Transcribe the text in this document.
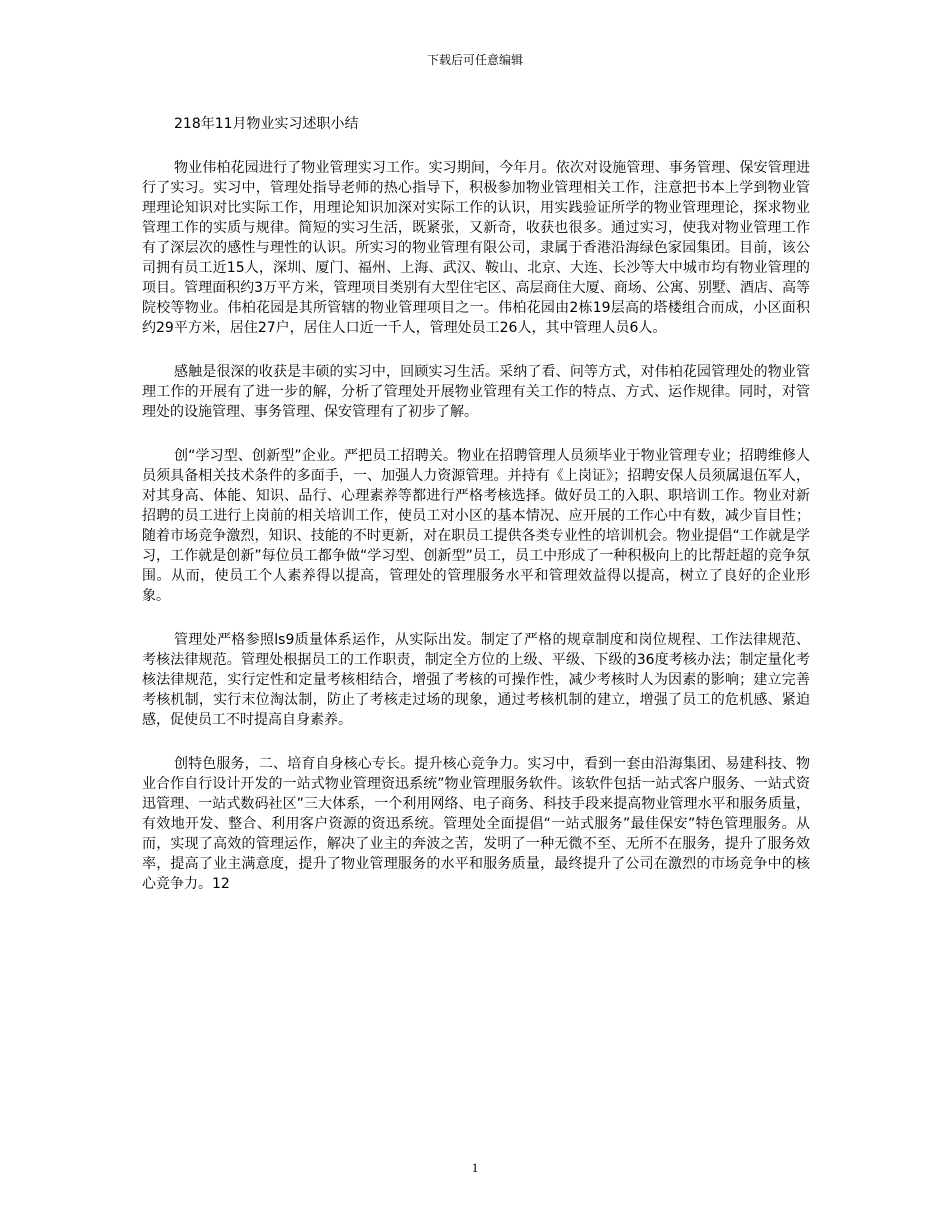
下载后可任意编辑

218年11月物业实习述职小结

物业伟柏花园进行了物业管理实习工作。实习期间，今年月。依次对设施管理、事务管理、保安管理进行了实习。实习中，管理处指导老师的热心指导下，积极参加物业管理相关工作，注意把书本上学到物业管理理论知识对比实际工作，用理论知识加深对实际工作的认识，用实践验证所学的物业管理理论，探求物业管理工作的实质与规律。简短的实习生活，既紧张，又新奇，收获也很多。通过实习，使我对物业管理工作有了深层次的感性与理性的认识。所实习的物业管理有限公司，隶属于香港沿海绿色家园集团。目前，该公司拥有员工近15人，深圳、厦门、福州、上海、武汉、鞍山、北京、大连、长沙等大中城市均有物业管理的项目。管理面积约3万平方米，管理项目类别有大型住宅区、高层商住大厦、商场、公寓、别墅、酒店、高等院校等物业。伟柏花园是其所管辖的物业管理项目之一。伟柏花园由2栋19层高的塔楼组合而成，小区面积约29平方米，居住27户，居住人口近一千人，管理处员工26人，其中管理人员6人。

感触是很深的收获是丰硕的实习中，回顾实习生活。采纳了看、问等方式，对伟柏花园管理处的物业管理工作的开展有了进一步的解，分析了管理处开展物业管理有关工作的特点、方式、运作规律。同时，对管理处的设施管理、事务管理、保安管理有了初步了解。

创“学习型、创新型”企业。严把员工招聘关。物业在招聘管理人员须毕业于物业管理专业；招聘维修人员须具备相关技术条件的多面手，一、加强人力资源管理。并持有《上岗证》；招聘安保人员须属退伍军人，对其身高、体能、知识、品行、心理素养等都进行严格考核选择。做好员工的入职、职培训工作。物业对新招聘的员工进行上岗前的相关培训工作，使员工对小区的基本情况、应开展的工作心中有数，减少盲目性；随着市场竞争激烈，知识、技能的不时更新，对在职员工提供各类专业性的培训机会。物业提倡“工作就是学习，工作就是创新”每位员工都争做“学习型、创新型”员工，员工中形成了一种积极向上的比帮赶超的竞争氛围。从而，使员工个人素养得以提高，管理处的管理服务水平和管理效益得以提高，树立了良好的企业形象。

管理处严格参照ls9质量体系运作，从实际出发。制定了严格的规章制度和岗位规程、工作法律规范、考核法律规范。管理处根据员工的工作职责，制定全方位的上级、平级、下级的36度考核办法；制定量化考核法律规范，实行定性和定量考核相结合，增强了考核的可操作性，减少考核时人为因素的影响；建立完善考核机制，实行末位淘汰制，防止了考核走过场的现象，通过考核机制的建立，增强了员工的危机感、紧迫感，促使员工不时提高自身素养。

创特色服务，二、培育自身核心专长。提升核心竞争力。实习中，看到一套由沿海集团、易建科技、物业合作自行设计开发的一站式物业管理资迅系统”物业管理服务软件。该软件包括一站式客户服务、一站式资迅管理、一站式数码社区”三大体系，一个利用网络、电子商务、科技手段来提高物业管理水平和服务质量，有效地开发、整合、利用客户资源的资迅系统。管理处全面提倡“一站式服务”最佳保安”特色管理服务。从而，实现了高效的管理运作，解决了业主的奔波之苦，发明了一种无微不至、无所不在服务，提升了服务效率，提高了业主满意度，提升了物业管理服务的水平和服务质量，最终提升了公司在激烈的市场竞争中的核心竞争力。12

1
